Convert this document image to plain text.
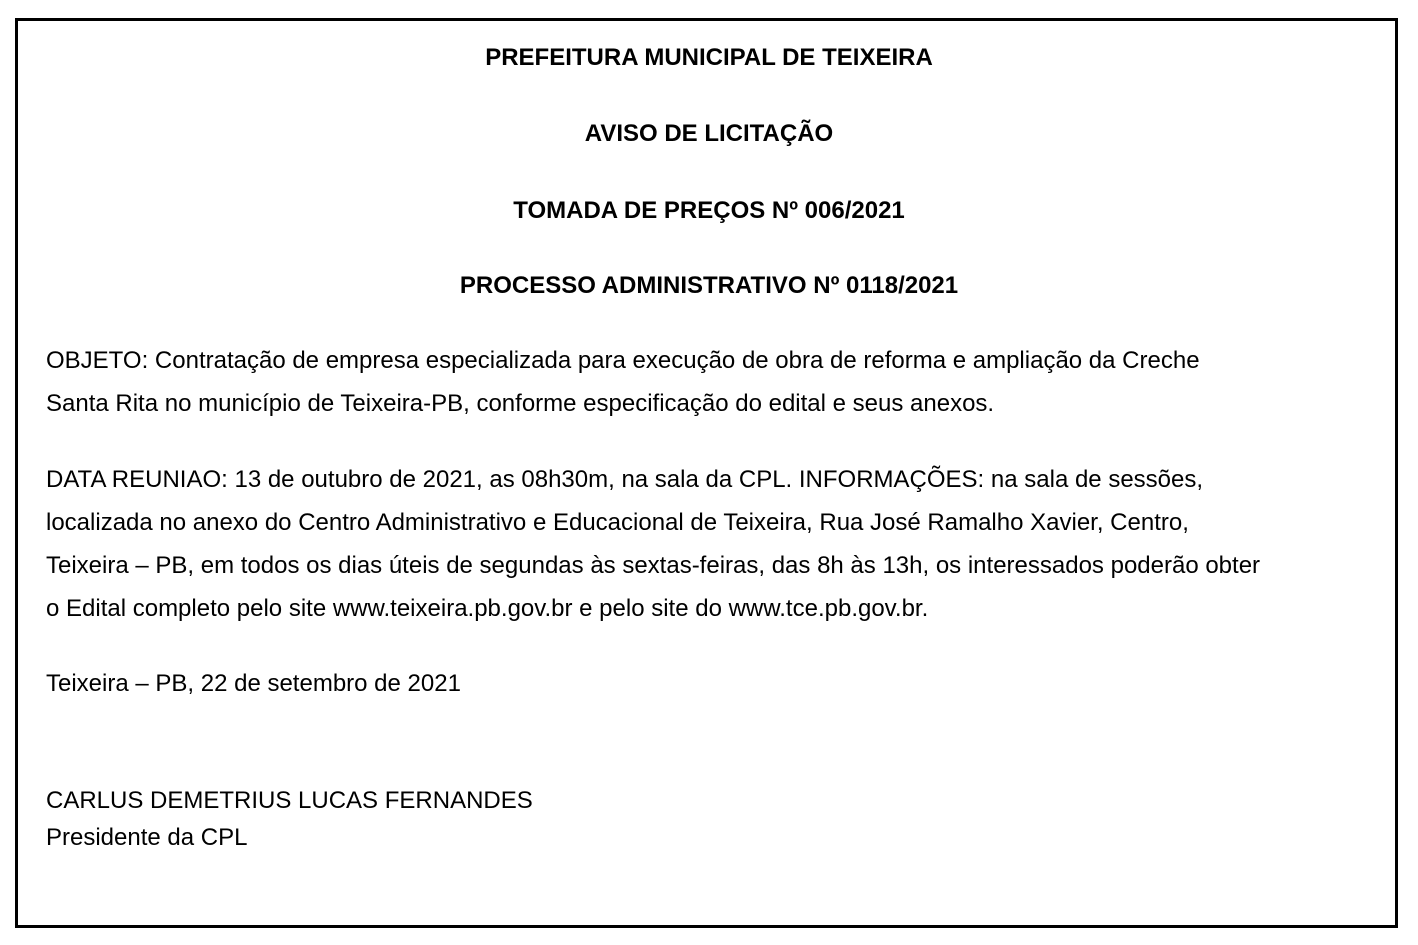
PREFEITURA MUNICIPAL DE TEIXEIRA
AVISO DE LICITAÇÃO
TOMADA DE PREÇOS Nº 006/2021
PROCESSO ADMINISTRATIVO Nº 0118/2021

OBJETO: Contratação de empresa especializada para execução de obra de reforma e ampliação da Creche
Santa Rita no município de Teixeira-PB, conforme especificação do edital e seus anexos.

DATA REUNIAO: 13 de outubro de 2021, as 08h30m, na sala da CPL. INFORMAÇÕES: na sala de sessões,
localizada no anexo do Centro Administrativo e Educacional de Teixeira, Rua José Ramalho Xavier, Centro,
Teixeira – PB, em todos os dias úteis de segundas às sextas-feiras, das 8h às 13h, os interessados poderão obter
o Edital completo pelo site www.teixeira.pb.gov.br e pelo site do www.tce.pb.gov.br.

Teixeira – PB, 22 de setembro de 2021

CARLUS DEMETRIUS LUCAS FERNANDES
Presidente da CPL
